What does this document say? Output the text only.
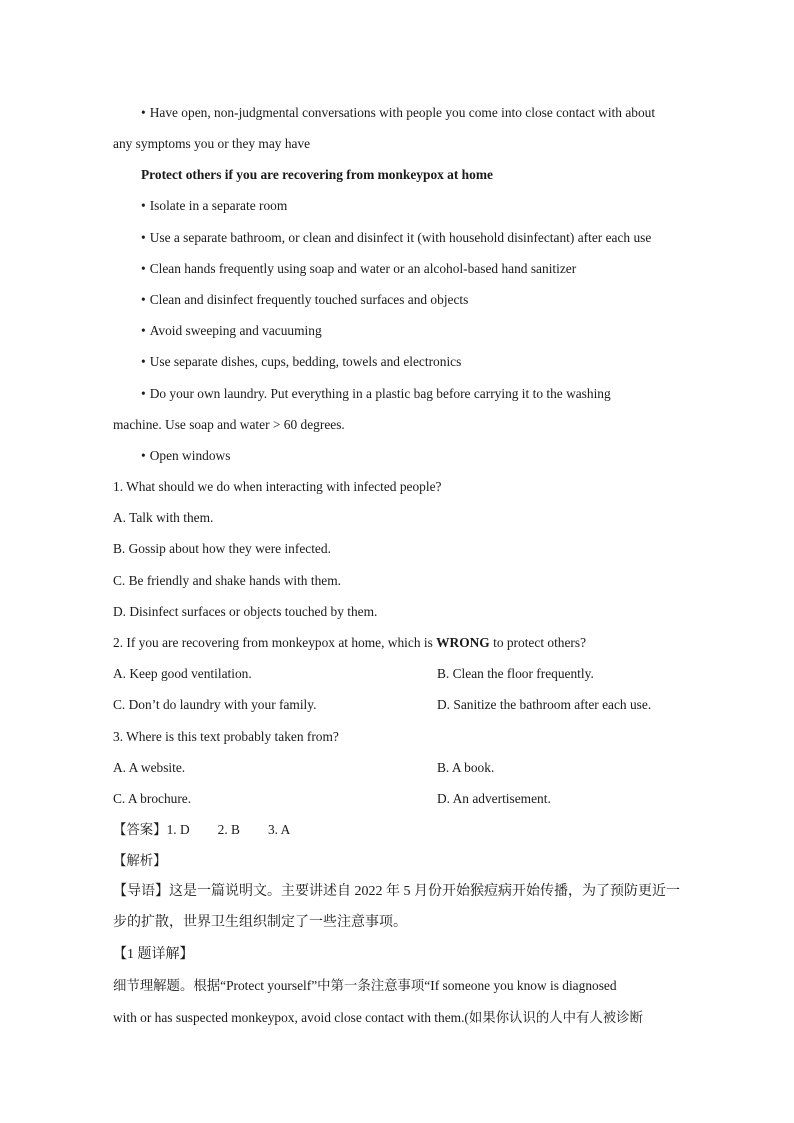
• Have open, non-judgmental conversations with people you come into close contact with about
any symptoms you or they may have
Protect others if you are recovering from monkeypox at home
• Isolate in a separate room
• Use a separate bathroom, or clean and disinfect it (with household disinfectant) after each use
• Clean hands frequently using soap and water or an alcohol-based hand sanitizer
• Clean and disinfect frequently touched surfaces and objects
• Avoid sweeping and vacuuming
• Use separate dishes, cups, bedding, towels and electronics
• Do your own laundry. Put everything in a plastic bag before carrying it to the washing
machine. Use soap and water > 60 degrees.
• Open windows
1. What should we do when interacting with infected people?
A. Talk with them.
B. Gossip about how they were infected.
C. Be friendly and shake hands with them.
D. Disinfect surfaces or objects touched by them.
2. If you are recovering from monkeypox at home, which is WRONG to protect others?
A. Keep good ventilation.	B. Clean the floor frequently.
C. Don’t do laundry with your family.	D. Sanitize the bathroom after each use.
3. Where is this text probably taken from?
A. A website.	B. A book.
C. A brochure.	D. An advertisement.
【答案】1. D 2. B 3. A
【解析】
【导语】这是一篇说明文。主要讲述自 2022 年 5 月份开始猴痘病开始传播，为了预防更近一
步的扩散，世界卫生组织制定了一些注意事项。
【1 题详解】
细节理解题。根据“Protect yourself”中第一条注意事项“If someone you know is diagnosed
with or has suspected monkeypox, avoid close contact with them.(如果你认识的人中有人被诊断
